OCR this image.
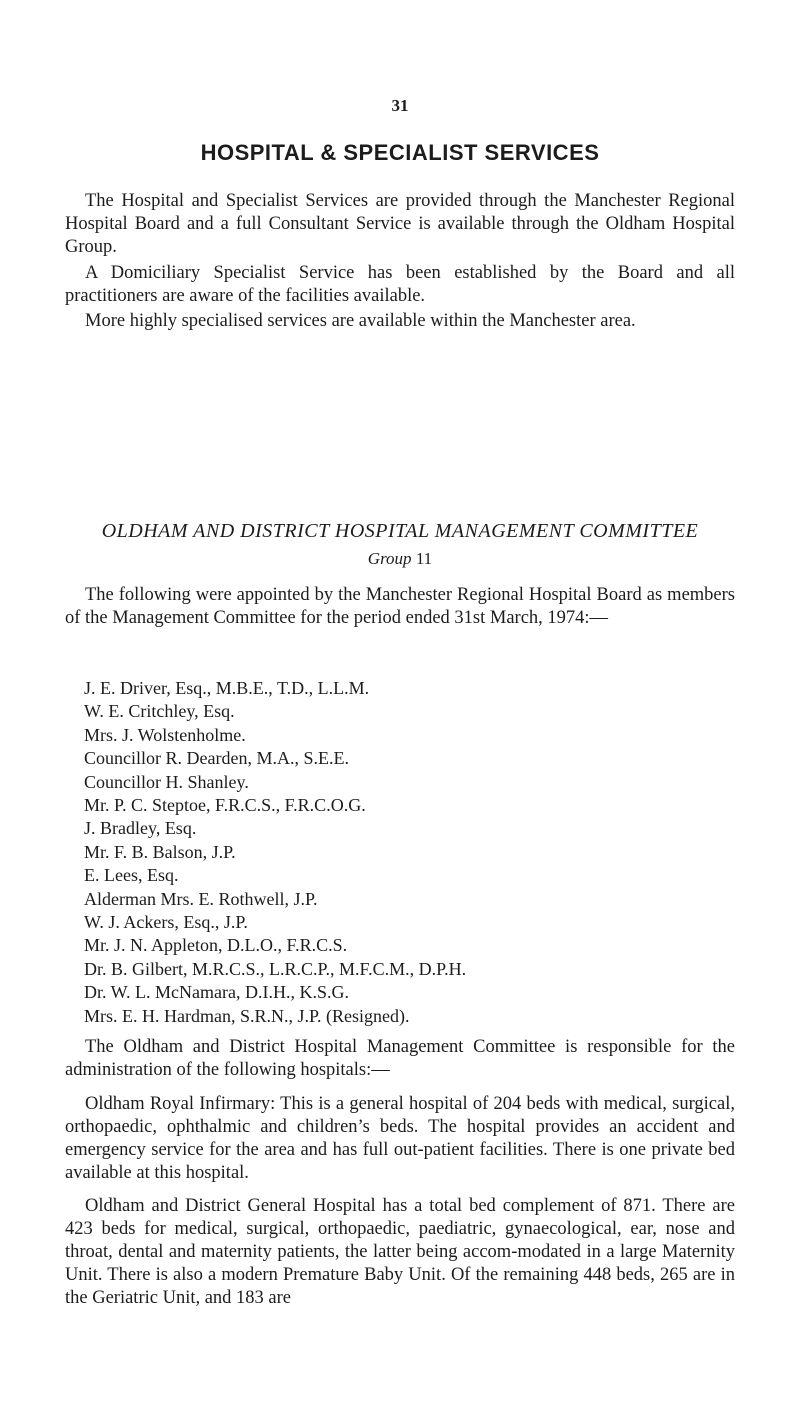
31
HOSPITAL & SPECIALIST SERVICES

The Hospital and Specialist Services are provided through the Manchester Regional Hospital Board and a full Consultant Service is available through the Oldham Hospital Group.

A Domiciliary Specialist Service has been established by the Board and all practitioners are aware of the facilities available.

More highly specialised services are available within the Manchester area.

OLDHAM AND DISTRICT HOSPITAL MANAGEMENT COMMITTEE
Group 11

The following were appointed by the Manchester Regional Hospital Board as members of the Management Committee for the period ended 31st March, 1974:—

J. E. Driver, Esq., M.B.E., T.D., L.L.M.
W. E. Critchley, Esq.
Mrs. J. Wolstenholme.
Councillor R. Dearden, M.A., S.E.E.
Councillor H. Shanley.
Mr. P. C. Steptoe, F.R.C.S., F.R.C.O.G.
J. Bradley, Esq.
Mr. F. B. Balson, J.P.
E. Lees, Esq.
Alderman Mrs. E. Rothwell, J.P.
W. J. Ackers, Esq., J.P.
Mr. J. N. Appleton, D.L.O., F.R.C.S.
Dr. B. Gilbert, M.R.C.S., L.R.C.P., M.F.C.M., D.P.H.
Dr. W. L. McNamara, D.I.H., K.S.G.
Mrs. E. H. Hardman, S.R.N., J.P. (Resigned).

The Oldham and District Hospital Management Committee is responsible for the administration of the following hospitals:—

Oldham Royal Infirmary: This is a general hospital of 204 beds with medical, surgical, orthopaedic, ophthalmic and children’s beds. The hospital provides an accident and emergency service for the area and has full out-patient facilities. There is one private bed available at this hospital.

Oldham and District General Hospital has a total bed complement of 871. There are 423 beds for medical, surgical, orthopaedic, paediatric, gynaecological, ear, nose and throat, dental and maternity patients, the latter being accom-modated in a large Maternity Unit. There is also a modern Premature Baby Unit. Of the remaining 448 beds, 265 are in the Geriatric Unit, and 183 are
